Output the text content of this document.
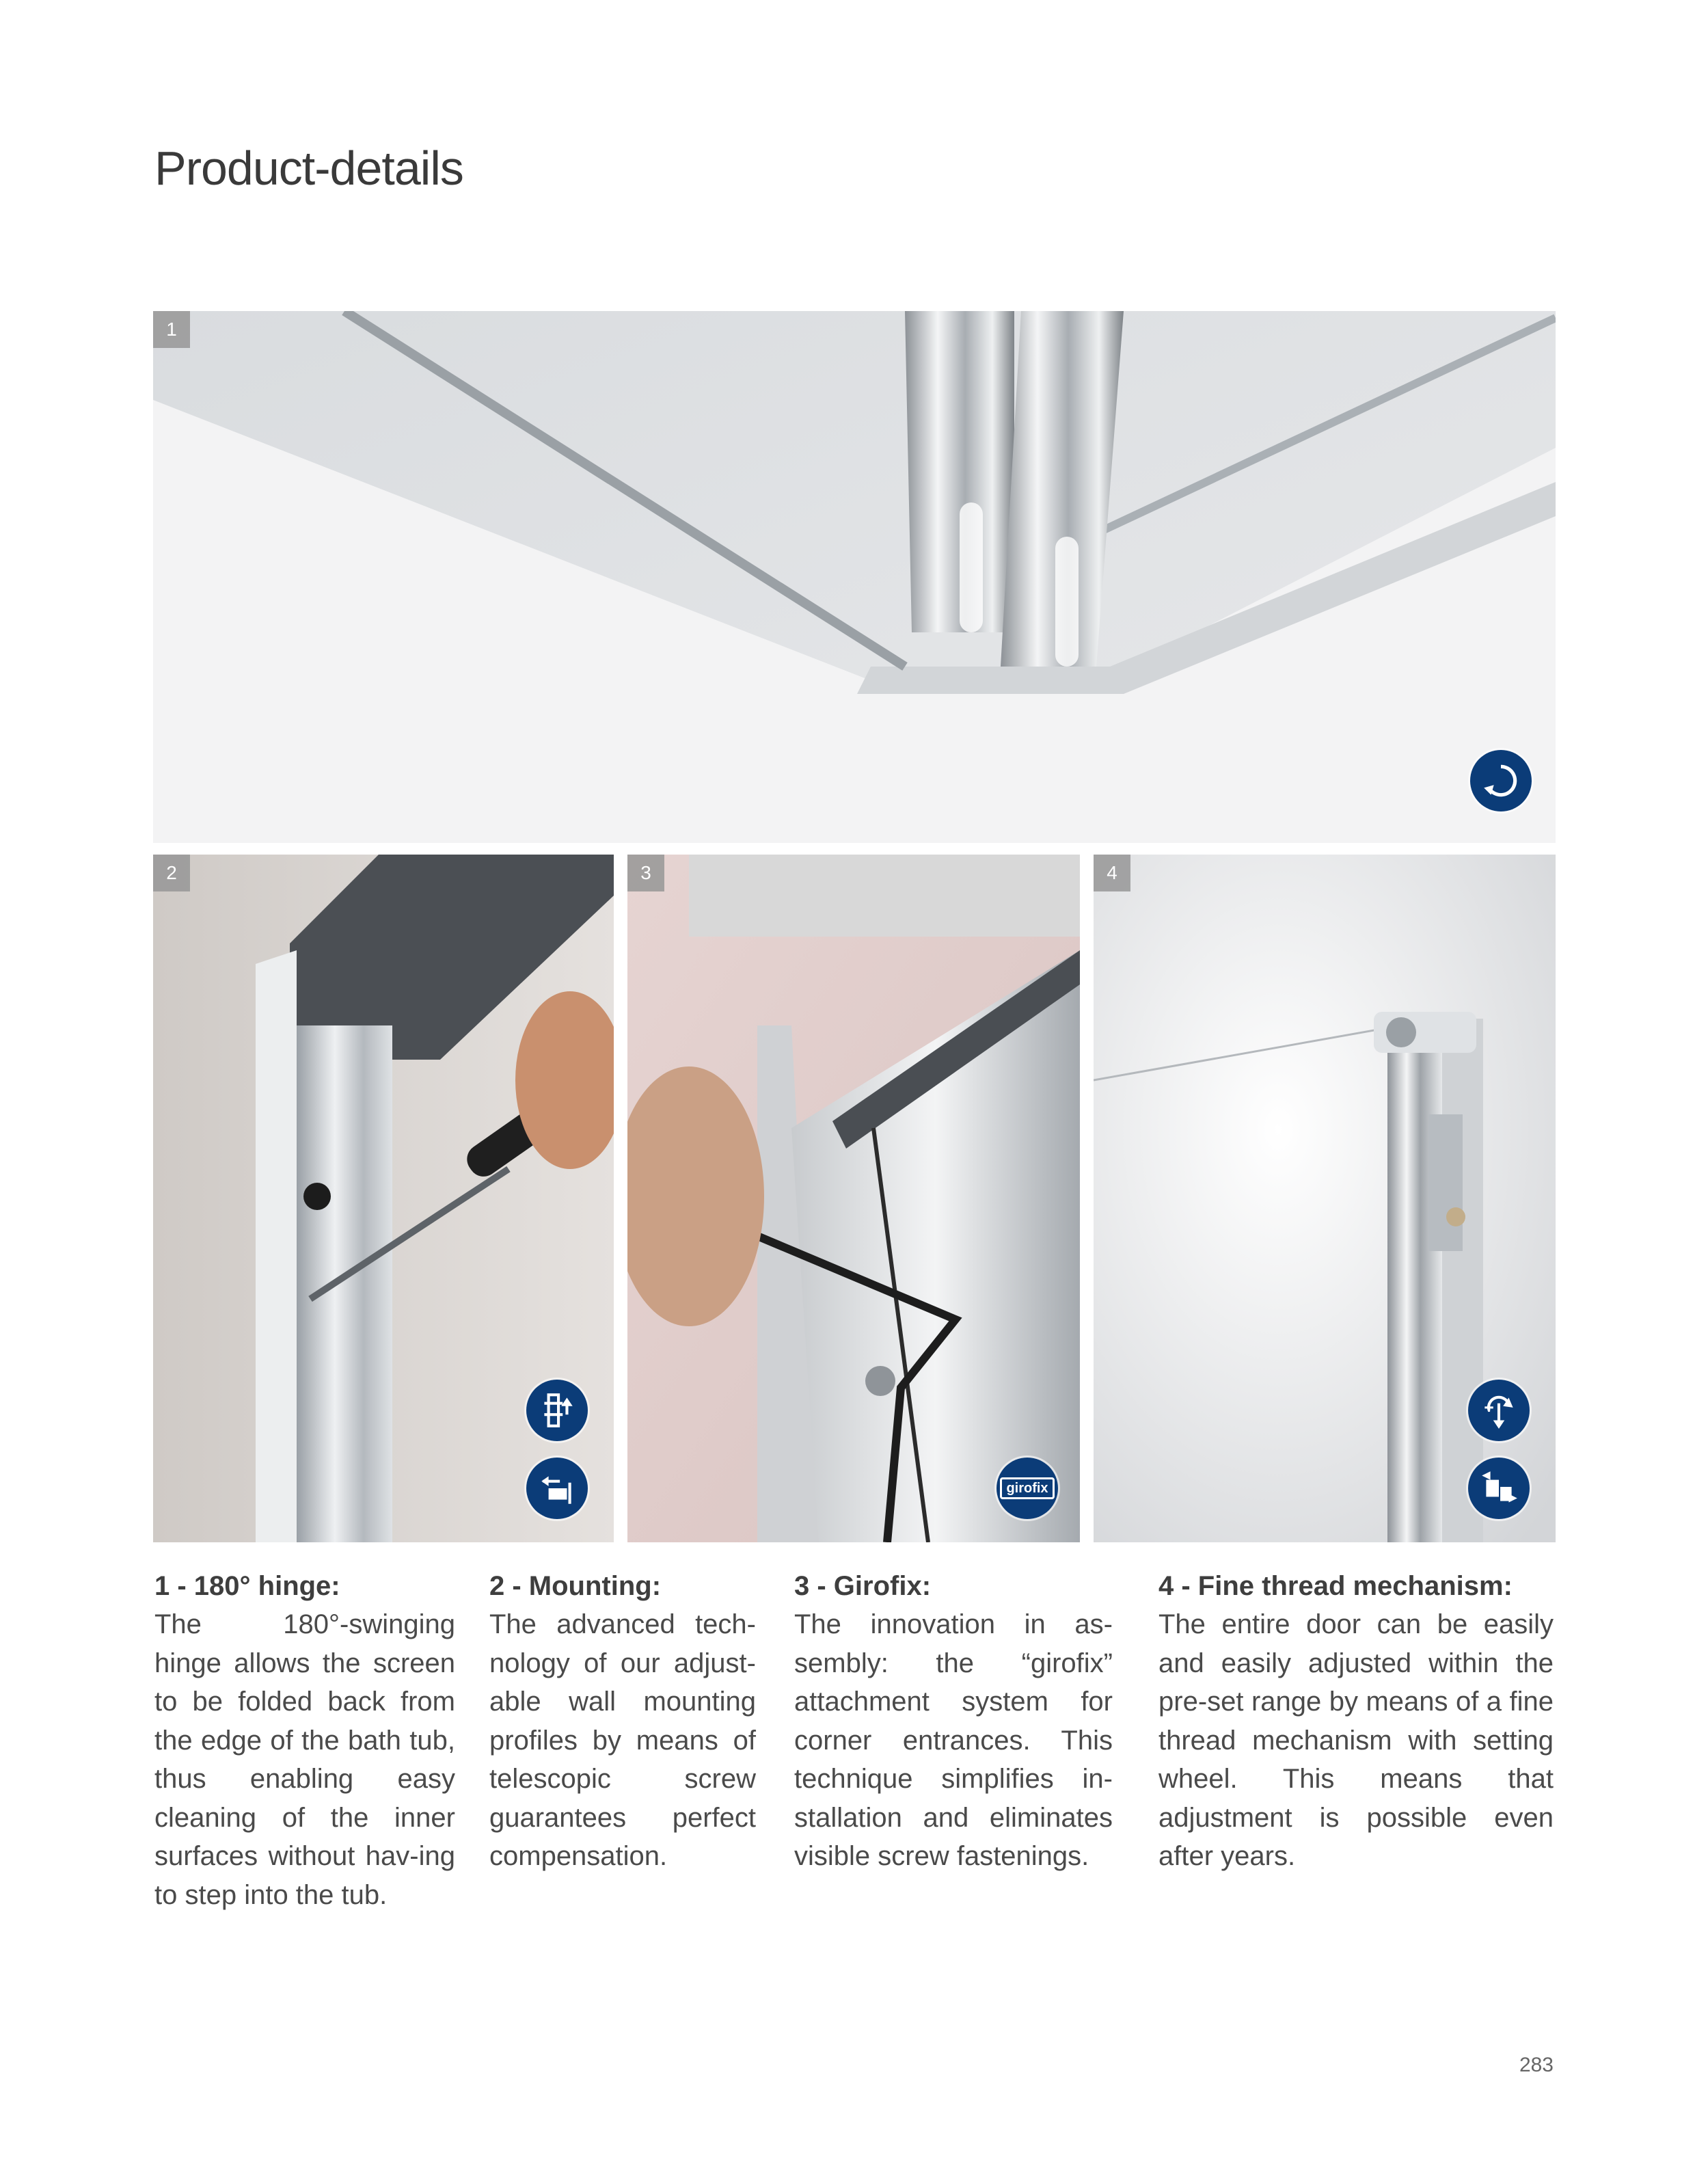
Product-details
1
2	3
girofix
4
1 - 180° hinge:

The 180°-swinging hinge allows the screen to be folded back from the edge of the bath tub, thus enabling easy cleaning of the inner surfaces without hav-ing to step into the tub.

2 - Mounting:

The advanced tech-nology of our adjust-able wall mounting profiles by means of telescopic screw guarantees perfect compensation.

3 - Girofix:

The innovation in as-sembly: the “girofix” attachment system for corner entrances. This technique simplifies in-stallation and eliminates visible screw fastenings.

4 - Fine thread mechanism:

The entire door can be easily and easily adjusted within the pre-set range by means of a fine thread mechanism with setting wheel. This means that adjustment is possible even after years.

283
